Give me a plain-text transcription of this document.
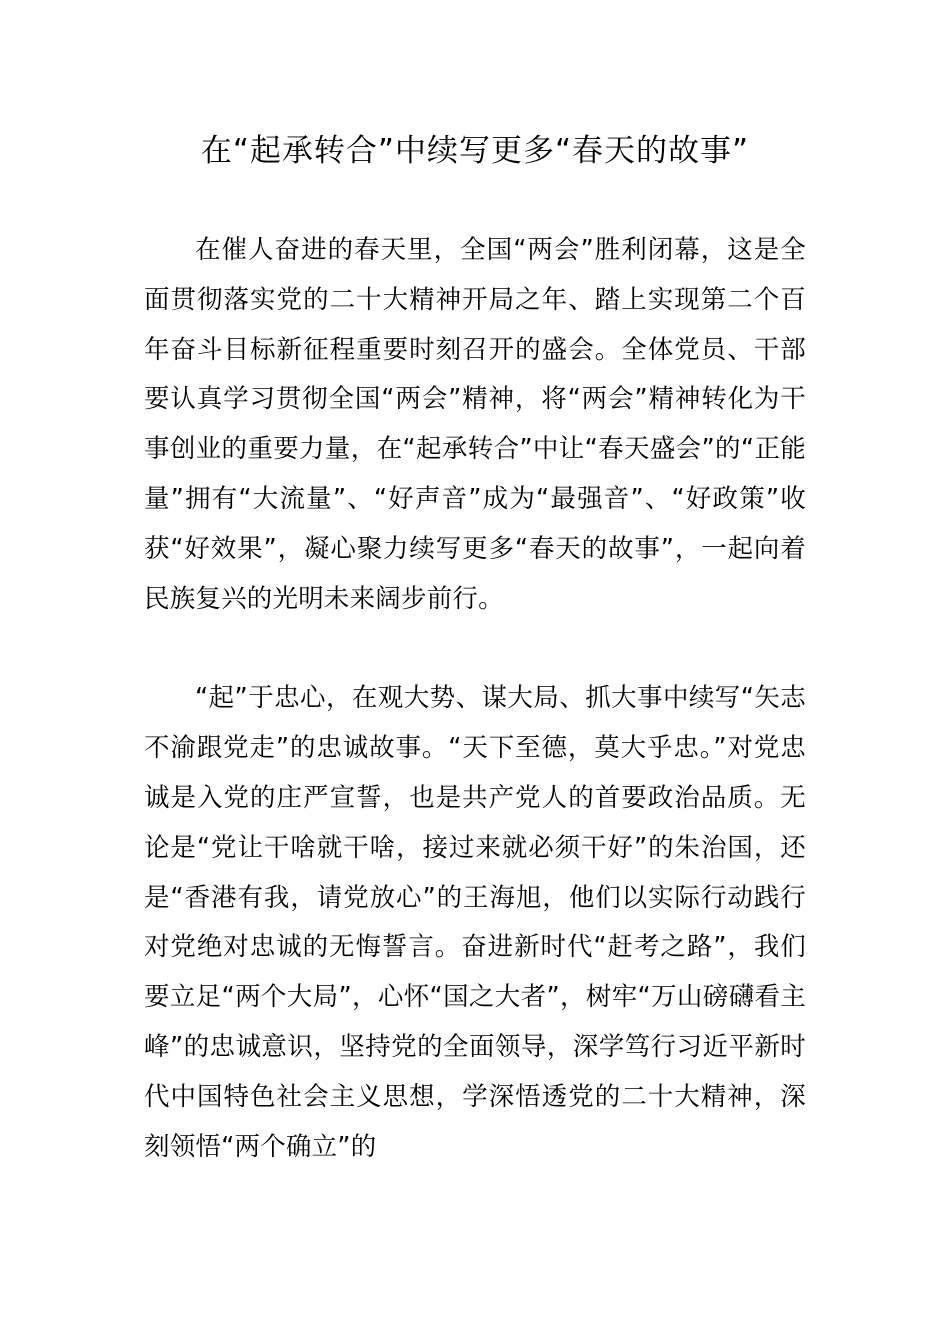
在“起承转合”中续写更多“春天的故事”

在催人奋进的春天里，全国“两会”胜利闭幕，这是全面贯彻落实党的二十大精神开局之年、踏上实现第二个百年奋斗目标新征程重要时刻召开的盛会。全体党员、干部要认真学习贯彻全国“两会”精神，将“两会”精神转化为干事创业的重要力量，在“起承转合”中让“春天盛会”的“正能量”拥有“大流量”、“好声音”成为“最强音”、“好政策”收获“好效果”，凝心聚力续写更多“春天的故事”，一起向着民族复兴的光明未来阔步前行。

“起”于忠心，在观大势、谋大局、抓大事中续写“矢志不渝跟党走”的忠诚故事。“天下至德，莫大乎忠。”对党忠诚是入党的庄严宣誓，也是共产党人的首要政治品质。无论是“党让干啥就干啥，接过来就必须干好”的朱治国，还是“香港有我，请党放心”的王海旭，他们以实际行动践行对党绝对忠诚的无悔誓言。奋进新时代“赶考之路”，我们要立足“两个大局”，心怀“国之大者”，树牢“万山磅礴看主峰”的忠诚意识，坚持党的全面领导，深学笃行习近平新时代中国特色社会主义思想，学深悟透党的二十大精神，深刻领悟“两个确立”的
